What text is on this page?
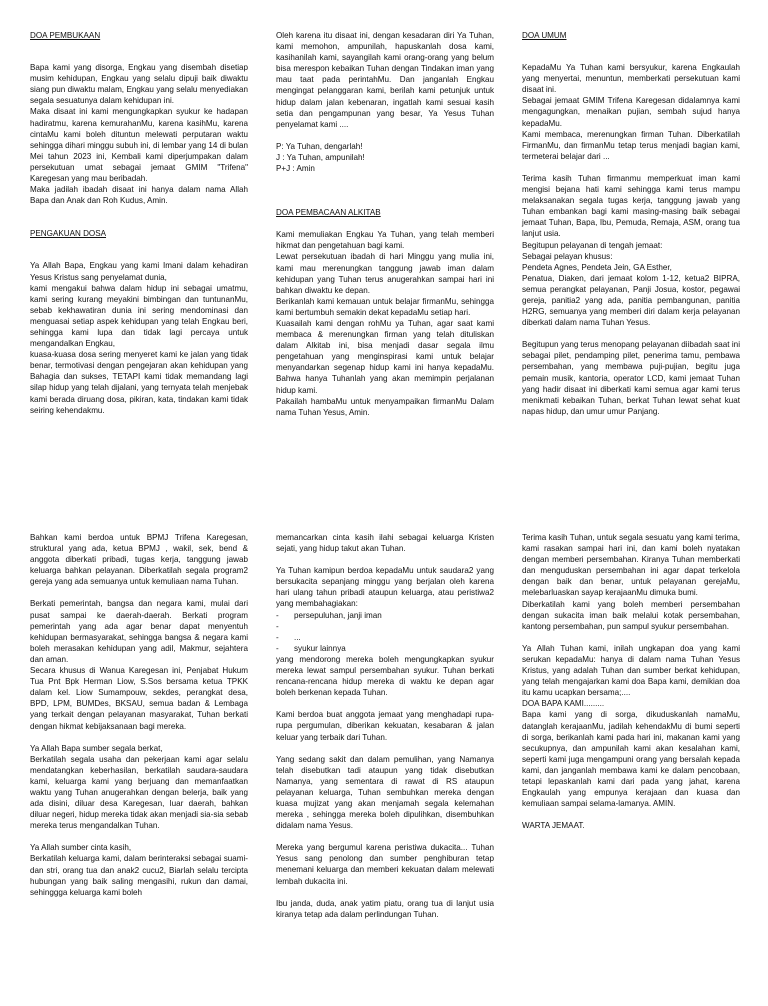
DOA PEMBUKAAN
Bapa kami yang disorga, Engkau yang disembah disetiap musim kehidupan, Engkau yang selalu dipuji baik diwaktu siang pun diwaktu malam, Engkau yang selalu menyediakan segala sesuatunya dalam kehidupan ini.
Maka disaat ini kami mengungkapkan syukur ke hadapan hadiratmu, karena kemurahanMu, karena kasihMu, karena cintaMu kami boleh dituntun melewati perputaran waktu sehingga dihari minggu subuh ini, di lembar yang 14 di bulan Mei tahun 2023 ini, Kembali kami diperjumpakan dalam persekutuan umat sebagai jemaat GMIM "Trifena" Karegesan yang mau beribadah.
Maka jadilah ibadah disaat ini hanya dalam nama Allah Bapa dan Anak dan Roh Kudus, Amin.
PENGAKUAN DOSA
Ya Allah Bapa, Engkau yang kami Imani dalam kehadiran Yesus Kristus sang penyelamat dunia,
kami mengakui bahwa dalam hidup ini sebagai umatmu, kami sering kurang meyakini bimbingan dan tuntunanMu, sebab kekhawatiran dunia ini sering mendominasi dan menguasai setiap aspek kehidupan yang telah Engkau beri, sehingga kami lupa dan tidak lagi percaya untuk mengandalkan Engkau,
kuasa-kuasa dosa sering menyeret kami ke jalan yang tidak benar, termotivasi dengan pengejaran akan kehidupan yang Bahagia dan sukses, TETAPI kami tidak memandang lagi silap hidup yang telah dijalani, yang ternyata telah menjebak kami berada diruang dosa, pikiran, kata, tindakan kami tidak seiring kehendakmu.
Oleh karena itu disaat ini, dengan kesadaran diri Ya Tuhan, kami memohon, ampunilah, hapuskanlah dosa kami, kasihanilah kami, sayangilah kami orang-orang yang belum bisa merespon kebaikan Tuhan dengan Tindakan iman yang mau taat pada perintahMu. Dan janganlah Engkau mengingat pelanggaran kami, berilah kami petunjuk untuk hidup dalam jalan kebenaran, ingatlah kami sesuai kasih setia dan pengampunan yang besar, Ya Yesus Tuhan penyelamat kami ....
P: Ya Tuhan, dengarlah!
J : Ya Tuhan, ampunilah!
P+J : Amin
DOA PEMBACAAN ALKITAB
Kami memuliakan Engkau Ya Tuhan, yang telah memberi hikmat dan pengetahuan bagi kami.
Lewat persekutuan ibadah di hari Minggu yang mulia ini, kami mau merenungkan tanggung jawab iman dalam kehidupan yang Tuhan terus anugerahkan sampai hari ini bahkan diwaktu ke depan.
Berikanlah kami kemauan untuk belajar firmanMu, sehingga kami bertumbuh semakin dekat kepadaMu setiap hari.
Kuasailah kami dengan rohMu ya Tuhan, agar saat kami membaca & merenungkan firman yang telah dituliskan dalam Alkitab ini, bisa menjadi dasar segala ilmu pengetahuan yang menginspirasi kami untuk belajar menyandarkan segenap hidup kami ini hanya kepadaMu. Bahwa hanya Tuhanlah yang akan memimpin perjalanan hidup kami.
Pakailah hambaMu untuk menyampaikan firmanMu Dalam nama Tuhan Yesus, Amin.
DOA UMUM
KepadaMu Ya Tuhan kami bersyukur, karena Engkaulah yang menyertai, menuntun, memberkati persekutuan kami disaat ini.
Sebagai jemaat GMIM Trifena Karegesan didalamnya kami mengagungkan, menaikan pujian, sembah sujud hanya kepadaMu.
Kami membaca, merenungkan firman Tuhan. Diberkatilah FirmanMu, dan firmanMu tetap terus menjadi bagian kami, termeterai belajar dari ...
Terima kasih Tuhan firmanmu memperkuat iman kami mengisi bejana hati kami sehingga kami terus mampu melaksanakan segala tugas kerja, tanggung jawab yang Tuhan embankan bagi kami masing-masing baik sebagai jemaat Tuhan, Bapa, Ibu, Pemuda, Remaja, ASM, orang tua lanjut usia.
Begitupun pelayanan di tengah jemaat:
Sebagai pelayan khusus:
Pendeta Agnes, Pendeta Jein, GA Esther,
Penatua, Diaken, dari jemaat kolom 1-12, ketua2 BIPRA, semua perangkat pelayanan, Panji Josua, kostor, pegawai gereja, panitia2 yang ada, panitia pembangunan, panitia H2RG, semuanya yang memberi diri dalam kerja pelayanan diberkati dalam nama Tuhan Yesus.
Begitupun yang terus menopang pelayanan diibadah saat ini sebagai pilet, pendamping pilet, penerima tamu, pembawa persembahan, yang membawa puji-pujian, begitu juga pemain musik, kantoria, operator LCD, kami jemaat Tuhan yang hadir disaat ini diberkati kami semua agar kami terus menikmati kebaikan Tuhan, berkat Tuhan lewat sehat kuat napas hidup, dan umur umur Panjang.
Bahkan kami berdoa untuk BPMJ Trifena Karegesan, struktural yang ada, ketua BPMJ , wakil, sek, bend & anggota diberkati pribadi, tugas kerja, tanggung jawab keluarga bahkan pelayanan. Diberkatilah segala program2 gereja yang ada semuanya untuk kemuliaan nama Tuhan.
Berkati pemerintah, bangsa dan negara kami, mulai dari pusat sampai ke daerah-daerah. Berkati program pemerintah yang ada agar benar dapat menyentuh kehidupan bermasyarakat, sehingga bangsa & negara kami boleh merasakan kehidupan yang adil, Makmur, sejahtera dan aman.
Secara khusus di Wanua Karegesan ini, Penjabat Hukum Tua Pnt Bpk Herman Liow, S.Sos bersama ketua TPKK dalam kel. Liow Sumampouw, sekdes, perangkat desa, BPD, LPM, BUMDes, BKSAU, semua badan & Lembaga yang terkait dengan pelayanan masyarakat, Tuhan berkati dengan hikmat kebijaksanaan bagi mereka.
Ya Allah Bapa sumber segala berkat,
Berkatilah segala usaha dan pekerjaan kami agar selalu mendatangkan keberhasilan, berkatilah saudara-saudara kami, keluarga kami yang berjuang dan memanfaatkan waktu yang Tuhan anugerahkan dengan belerja, baik yang ada disini, diluar desa Karegesan, luar daerah, bahkan diluar negeri, hidup mereka tidak akan menjadi sia-sia sebab mereka terus mengandalkan Tuhan.
Ya Allah sumber cinta kasih,
Berkatilah keluarga kami, dalam berinteraksi sebagai suami- dan stri, orang tua dan anak2 cucu2, Biarlah selalu tercipta hubungan yang baik saling mengasihi, rukun dan damai, sehinggga keluarga kami boleh
memancarkan cinta kasih ilahi sebagai keluarga Kristen sejati, yang hidup takut akan Tuhan.
Ya Tuhan kamipun berdoa kepadaMu untuk saudara2 yang bersukacita sepanjang minggu yang berjalan oleh karena hari ulang tahun pribadi ataupun keluarga, atau peristiwa2 yang membahagiakan:
- persepuluhan, janji iman
-
- ...
- syukur lainnya
yang mendorong mereka boleh mengungkapkan syukur mereka lewat sampul persembahan syukur. Tuhan berkati rencana-rencana hidup mereka di waktu ke depan agar boleh berkenan kepada Tuhan.
Kami berdoa buat anggota jemaat yang menghadapi rupa-rupa pergumulan, diberikan kekuatan, kesabaran & jalan keluar yang terbaik dari Tuhan.
Yang sedang sakit dan dalam pemulihan, yang Namanya telah disebutkan tadi ataupun yang tidak disebutkan Namanya, yang sementara di rawat di RS ataupun pelayanan keluarga, Tuhan sembuhkan mereka dengan kuasa mujizat yang akan menjamah segala kelemahan mereka , sehingga mereka boleh dipulihkan, disembuhkan didalam nama Yesus.
Mereka yang bergumul karena peristiwa dukacita... Tuhan Yesus sang penolong dan sumber penghiburan tetap menemani keluarga dan memberi kekuatan dalam melewati lembah dukacita ini.
Ibu janda, duda, anak yatim piatu, orang tua di lanjut usia kiranya tetap ada dalam perlindungan Tuhan.
Terima kasih Tuhan, untuk segala sesuatu yang kami terima, kami rasakan sampai hari ini, dan kami boleh nyatakan dengan memberi persembahan. Kiranya Tuhan memberkati dan menguduskan persembahan ini agar dapat terkelola dengan baik dan benar, untuk pelayanan gerejaMu, melebarluaskan sayap kerajaanMu dimuka bumi.
Diberkatilah kami yang boleh memberi persembahan dengan sukacita iman baik melalui kotak persembahan, kantong persembahan, pun sampul syukur persembahan.
Ya Allah Tuhan kami, inilah ungkapan doa yang kami serukan kepadaMu: hanya di dalam nama Tuhan Yesus Kristus, yang adalah Tuhan dan sumber berkat kehidupan, yang telah mengajarkan kami doa Bapa kami, demikian doa itu kamu ucapkan bersama;....
DOA BAPA KAMI.........
Bapa kami yang di sorga, dikuduskanlah namaMu, datanglah kerajaanMu, jadilah kehendakMu di bumi seperti di sorga, berikanlah kami pada hari ini, makanan kami yang secukupnya, dan ampunilah kami akan kesalahan kami, seperti kami juga mengampuni orang yang bersalah kepada kami, dan janganlah membawa kami ke dalam pencobaan, tetapi lepaskanlah kami dari pada yang jahat, karena Engkaulah yang empunya kerajaan dan kuasa dan kemuliaan sampai selama-lamanya. AMIN.
WARTA JEMAAT.
